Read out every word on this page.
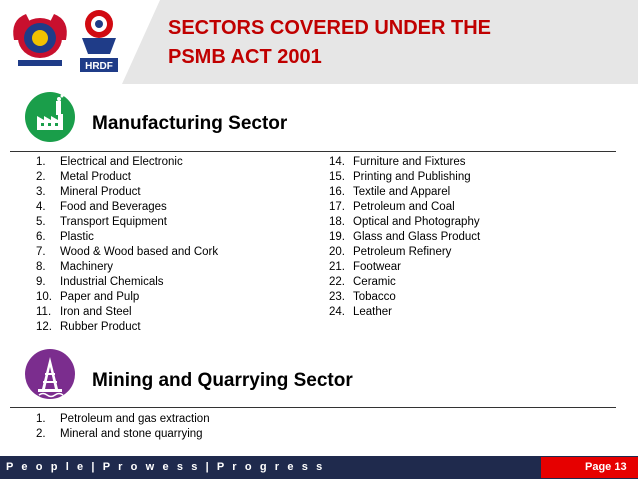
HRDF
SECTORS COVERED UNDER THE
PSMB ACT 2001
Manufacturing Sector
1. Electrical and Electronic
2. Metal Product
3. Mineral Product
4. Food and Beverages
5. Transport Equipment
6. Plastic
7. Wood & Wood based and Cork
8. Machinery
9. Industrial Chemicals
10. Paper and Pulp
11. Iron and Steel
12. Rubber Product
14. Furniture and Fixtures
15. Printing and Publishing
16. Textile and Apparel
17. Petroleum and Coal
18. Optical and Photography
19. Glass and Glass Product
20. Petroleum Refinery
21. Footwear
22. Ceramic
23. Tobacco
24. Leather
Mining and Quarrying Sector
1. Petroleum and gas extraction
2. Mineral and stone quarrying
P e o p l e | P r o w e s s | P r o g r e s s	Page 13
